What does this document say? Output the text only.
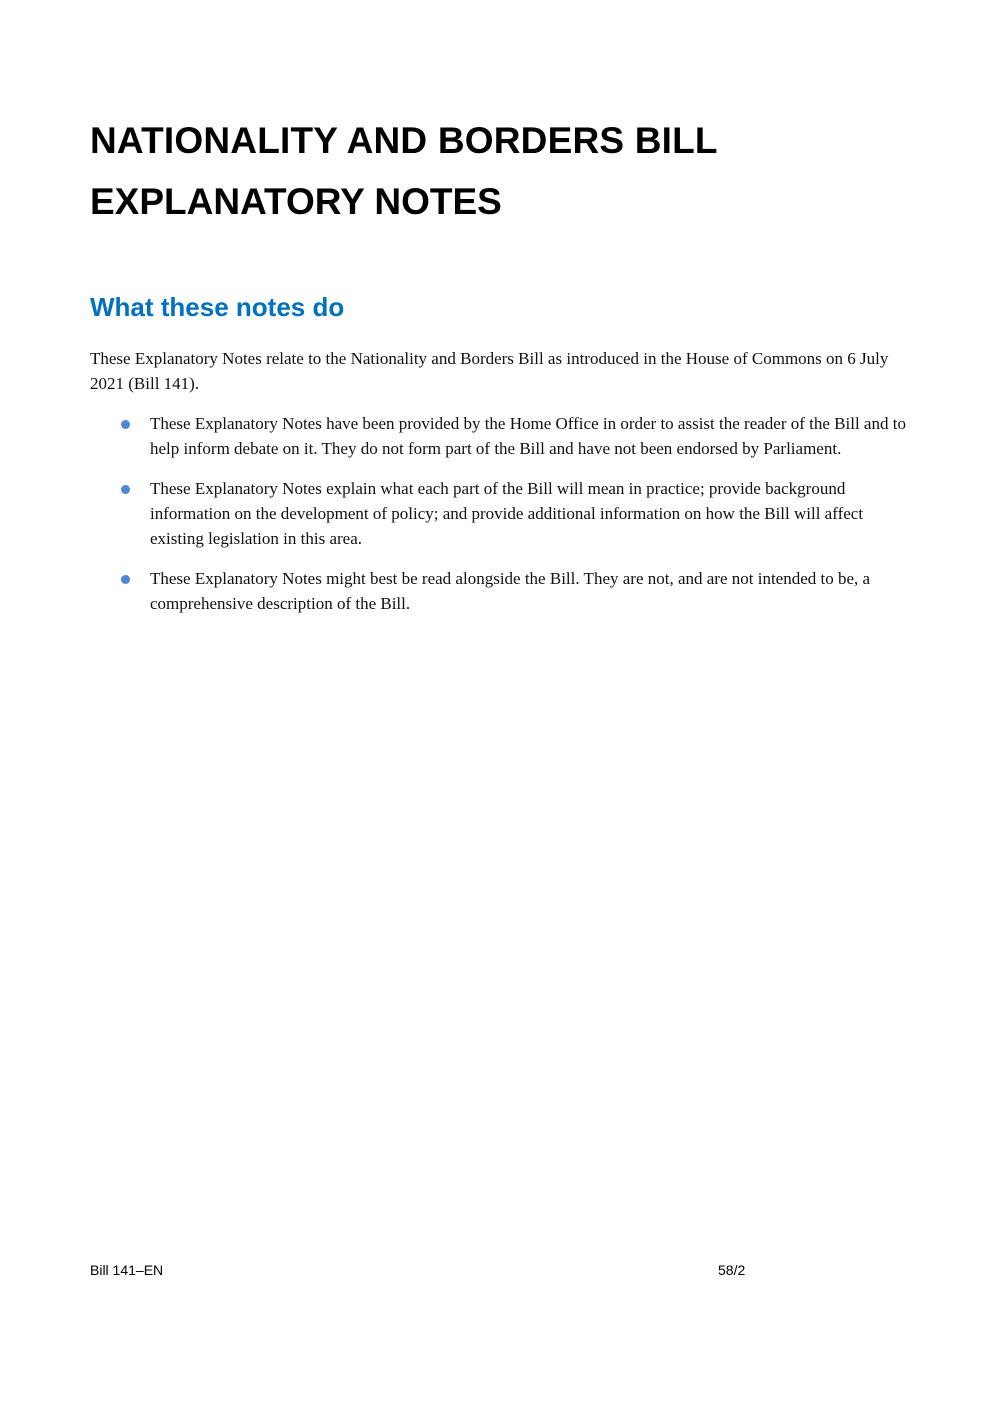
NATIONALITY AND BORDERS BILL
EXPLANATORY NOTES
What these notes do

These Explanatory Notes relate to the Nationality and Borders Bill as introduced in the House of Commons on 6 July 2021 (Bill 141).

These Explanatory Notes have been provided by the Home Office in order to assist the reader of the Bill and to help inform debate on it. They do not form part of the Bill and have not been endorsed by Parliament.
These Explanatory Notes explain what each part of the Bill will mean in practice; provide background information on the development of policy; and provide additional information on how the Bill will affect existing legislation in this area.
These Explanatory Notes might best be read alongside the Bill. They are not, and are not intended to be, a comprehensive description of the Bill.
Bill 141–EN	58/2
